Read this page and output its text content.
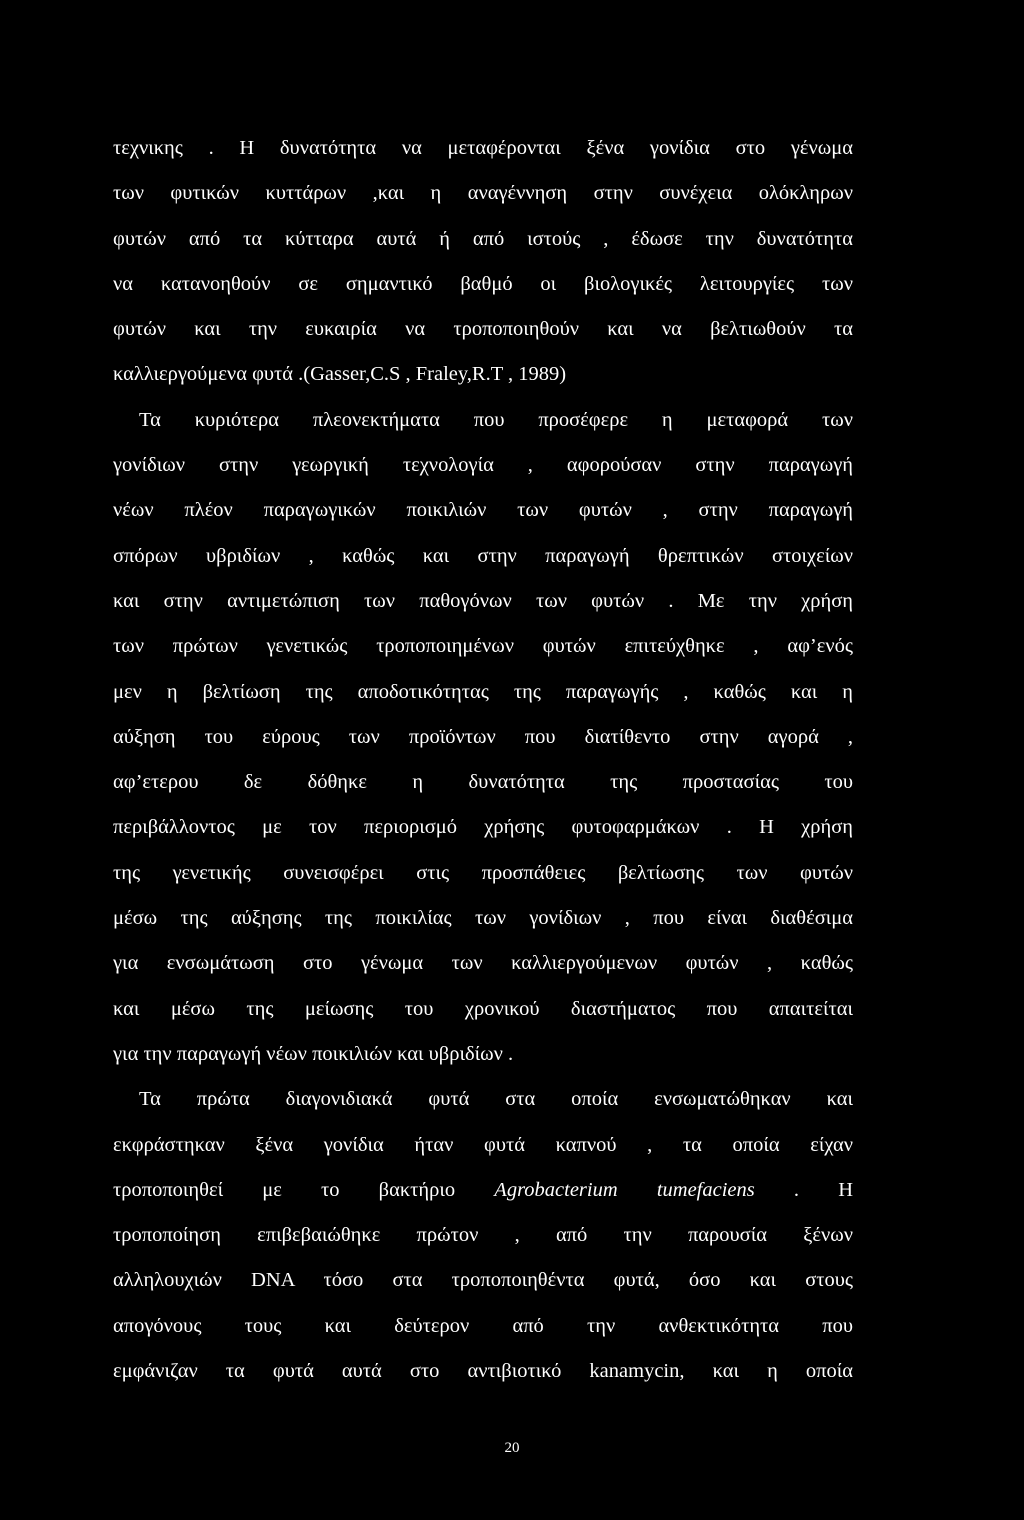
τεχνικης . Η δυνατότητα να μεταφέρονται ξένα γονίδια στο γένωμα
των φυτικών κυττάρων ,και η αναγέννηση στην συνέχεια ολόκληρων
φυτών από τα κύτταρα αυτά ή από ιστούς , έδωσε την δυνατότητα
να κατανοηθούν σε σημαντικό βαθμό οι βιολογικές λειτουργίες των
φυτών και την ευκαιρία να τροποποιηθούν και να βελτιωθούν τα
καλλιεργούμενα φυτά .(Gasser,C.S , Fraley,R.T , 1989)
Τα κυριότερα πλεονεκτήματα που προσέφερε η μεταφορά των
γονίδιων στην γεωργική τεχνολογία , αφορούσαν στην παραγωγή
νέων πλέον παραγωγικών ποικιλιών των φυτών , στην παραγωγή
σπόρων υβριδίων , καθώς και στην παραγωγή θρεπτικών στοιχείων
και στην αντιμετώπιση των παθογόνων των φυτών . Με την χρήση
των πρώτων γενετικώς τροποποιημένων φυτών επιτεύχθηκε , αφ’ενός
μεν η βελτίωση της αποδοτικότητας της παραγωγής , καθώς και η
αύξηση του εύρους των προϊόντων που διατίθεντο στην αγορά ,
αφ’ετερου δε δόθηκε η δυνατότητα της προστασίας του
περιβάλλοντος με τον περιορισμό χρήσης φυτοφαρμάκων . Η χρήση
της γενετικής συνεισφέρει στις προσπάθειες βελτίωσης των φυτών
μέσω της αύξησης της ποικιλίας των γονίδιων , που είναι διαθέσιμα
για ενσωμάτωση στο γένωμα των καλλιεργούμενων φυτών , καθώς
και μέσω της μείωσης του χρονικού διαστήματος που απαιτείται
για την παραγωγή νέων ποικιλιών και υβριδίων .
Τα πρώτα διαγονιδιακά φυτά στα οποία ενσωματώθηκαν και
εκφράστηκαν ξένα γονίδια ήταν φυτά καπνού , τα οποία είχαν
τροποποιηθεί με το βακτήριο Agrobacterium tumefaciens . Η
τροποποίηση επιβεβαιώθηκε πρώτον , από την παρουσία ξένων
αλληλουχιών DNA τόσο στα τροποποιηθέντα φυτά, όσο και στους
απογόνους τους και δεύτερον από την ανθεκτικότητα που
εμφάνιζαν τα φυτά αυτά στο αντιβιοτικό kanamycin, και η οποία
20
